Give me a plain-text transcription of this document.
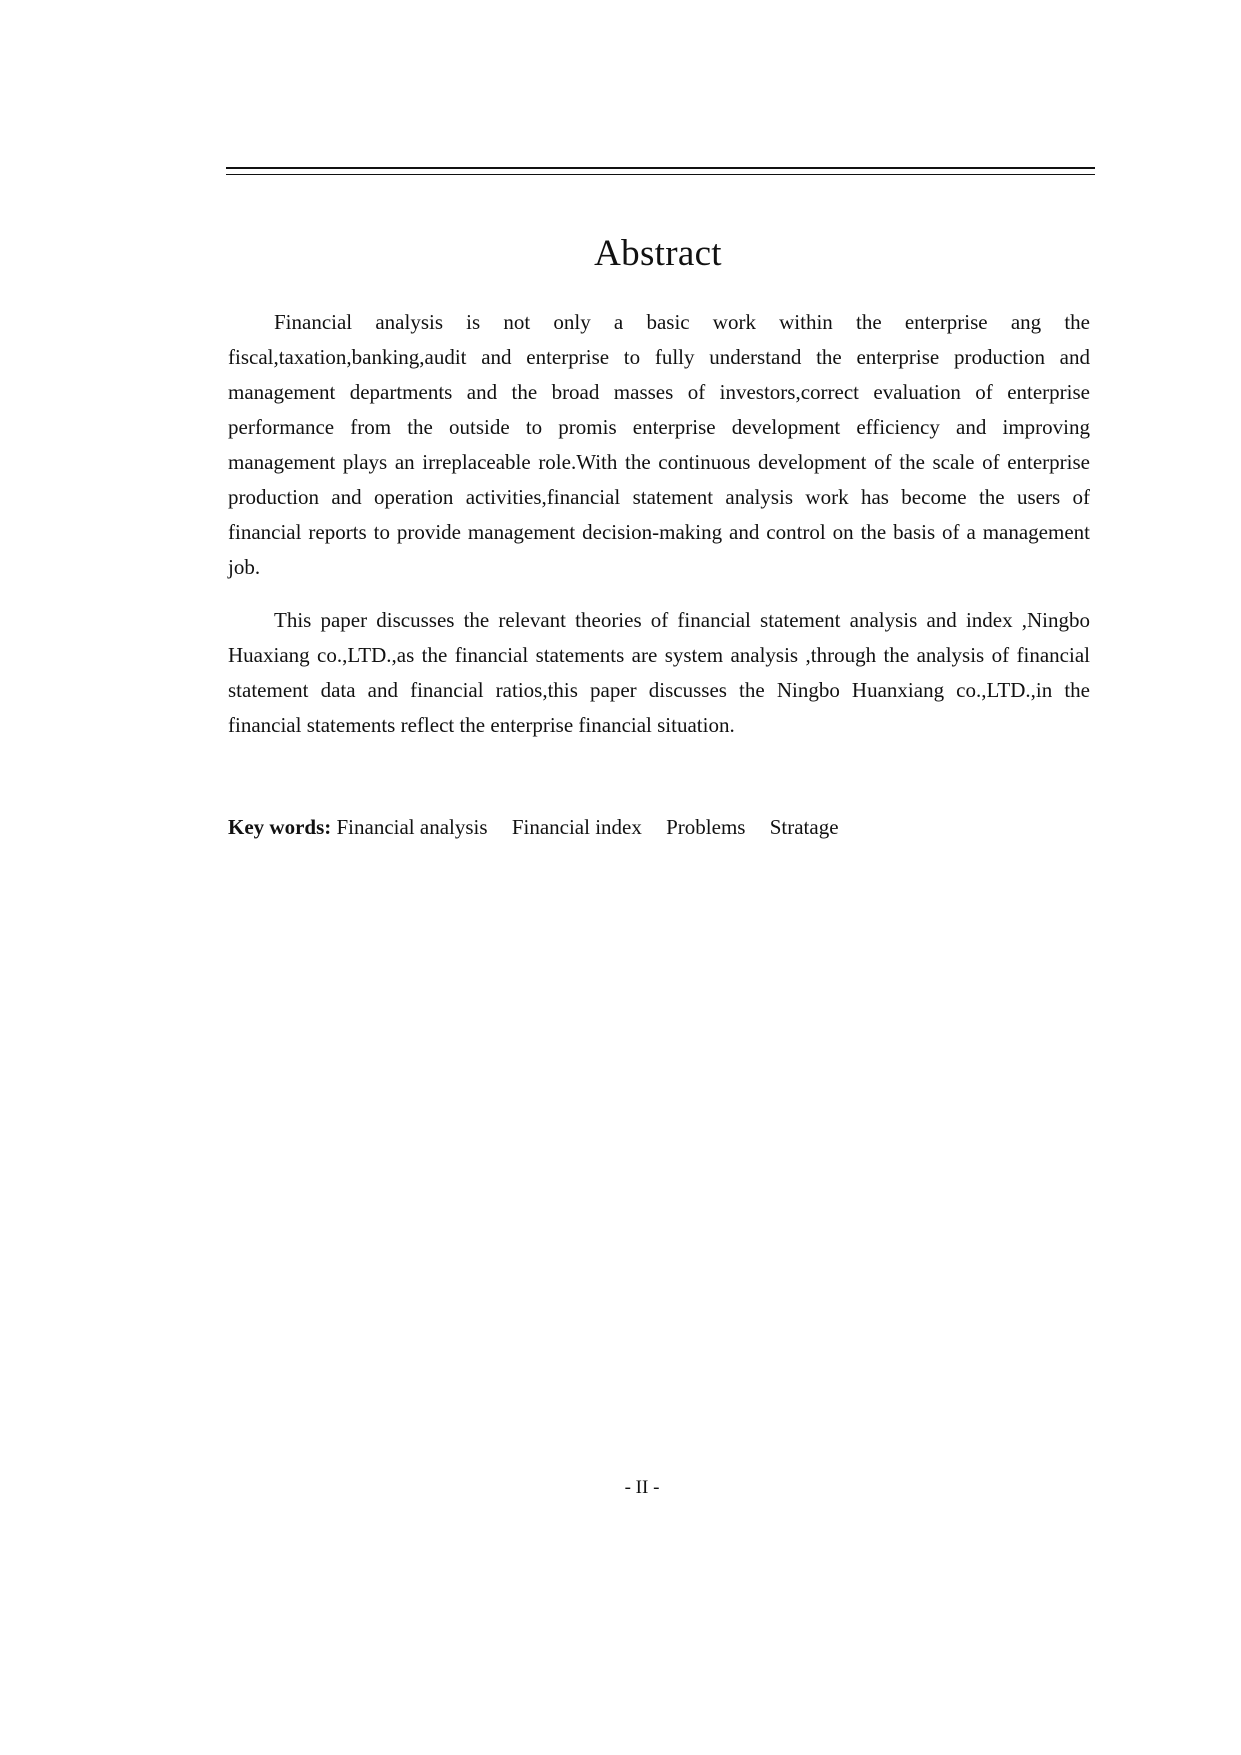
Abstract

Financial analysis is not only a basic work within the enterprise ang the fiscal,taxation,banking,audit and enterprise to fully understand the enterprise production and management departments and the broad masses of investors,correct evaluation of enterprise performance from the outside to promis enterprise development efficiency and improving management plays an irreplaceable role.With the continuous development of the scale of enterprise production and operation activities,financial statement analysis work has become the users of financial reports to provide management decision-making and control on the basis of a management job.

This paper discusses the relevant theories of financial statement analysis and index ,Ningbo Huaxiang co.,LTD.,as the financial statements are system analysis ,through the analysis of financial statement data and financial ratios,this paper discusses the Ningbo Huanxiang co.,LTD.,in the financial statements reflect the enterprise financial situation.

Key words: Financial analysis Financial index Problems Stratage
- II -
